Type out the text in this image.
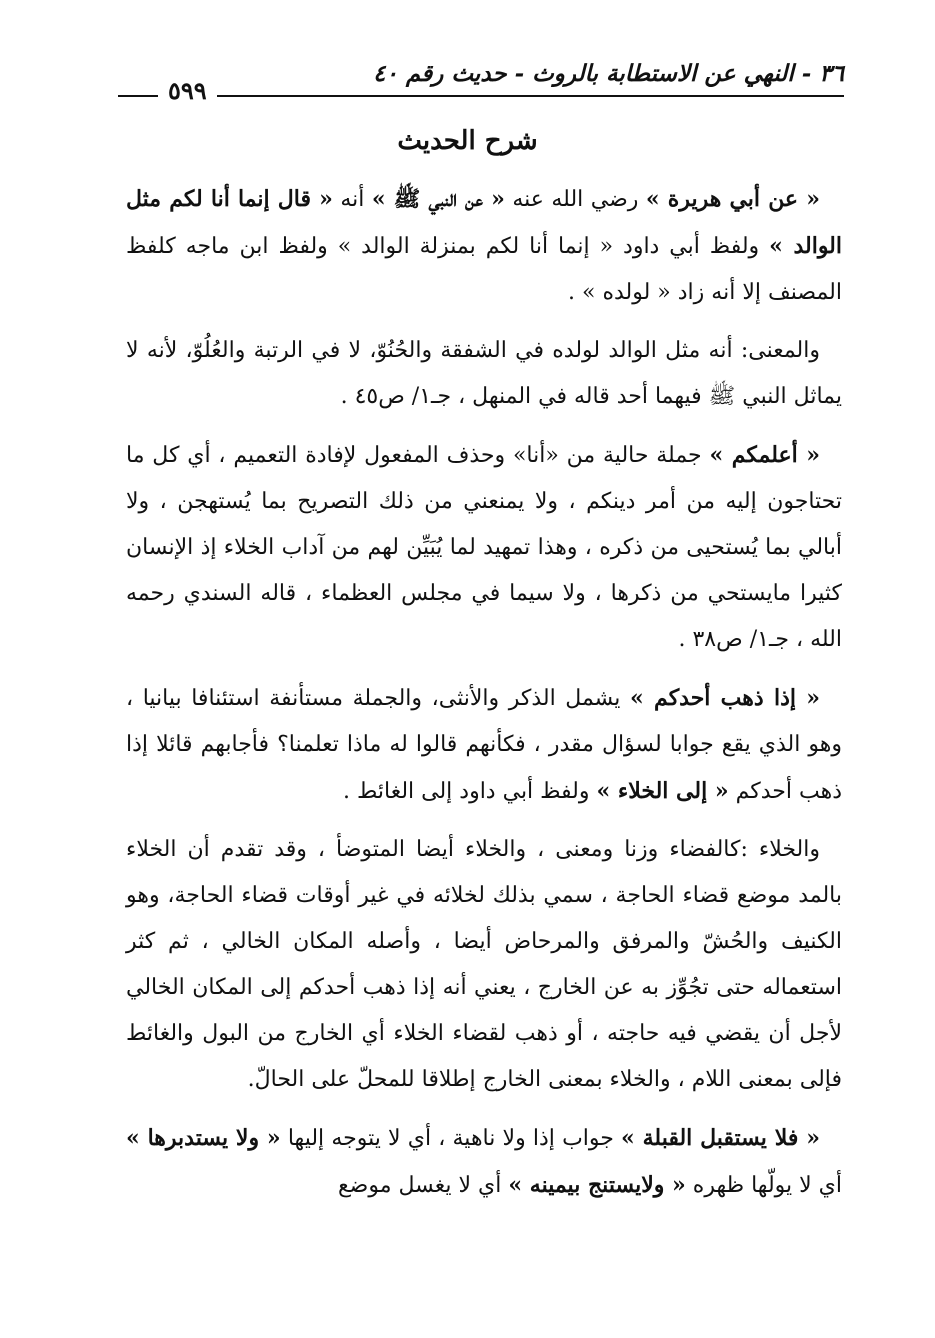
٣٦ - النهي عن الاستطابة بالروث - حديث رقم ٤٠
٥٩٩
شرح الحديث

« عن أبي هريرة » رضي الله عنه « عن النبي ﷺ » أنه « قال إنما أنا لكم مثل الوالد » ولفظ أبي داود « إنما أنا لكم بمنزلة الوالد » ولفظ ابن ماجه كلفظ المصنف إلا أنه زاد « لولده » .

والمعنى: أنه مثل الوالد لولده في الشفقة والحُنُوّ، لا في الرتبة والعُلُوّ، لأنه لا يماثل النبي ﷺ فيهما أحد قاله في المنهل ، جـ١/ ص٤٥ .

« أعلمكم » جملة حالية من «أنا» وحذف المفعول لإفادة التعميم ، أي كل ما تحتاجون إليه من أمر دينكم ، ولا يمنعني من ذلك التصريح بما يُستهجن ، ولا أبالي بما يُستحيى من ذكره ، وهذا تمهيد لما يُبَيِّن لهم من آداب الخلاء إذ الإنسان كثيرا مايستحي من ذكرها ، ولا سيما في مجلس العظماء ، قاله السندي رحمه الله ، جـ١/ ص٣٨ .

« إذا ذهب أحدكم » يشمل الذكر والأنثى، والجملة مستأنفة استئنافا بيانيا ، وهو الذي يقع جوابا لسؤال مقدر ، فكأنهم قالوا له ماذا تعلمنا؟ فأجابهم قائلا إذا ذهب أحدكم « إلى الخلاء » ولفظ أبي داود إلى الغائط .

والخلاء :كالفضاء وزنا ومعنى ، والخلاء أيضا المتوضأ ، وقد تقدم أن الخلاء بالمد موضع قضاء الحاجة ، سمي بذلك لخلائه في غير أوقات قضاء الحاجة، وهو الكنيف والحُشّ والمرفق والمرحاض أيضا ، وأصله المكان الخالي ، ثم كثر استعماله حتى تجُوِّز به عن الخارج ، يعني أنه إذا ذهب أحدكم إلى المكان الخالي لأجل أن يقضي فيه حاجته ، أو ذهب لقضاء الخلاء أي الخارج من البول والغائط فإلى بمعنى اللام ، والخلاء بمعنى الخارج إطلاقا للمحلّ على الحالّ.

« فلا يستقبل القبلة » جواب إذا ولا ناهية ، أي لا يتوجه إليها « ولا يستدبرها » أي لا يولّها ظهره « ولايستنج بيمينه » أي لا يغسل موضع
